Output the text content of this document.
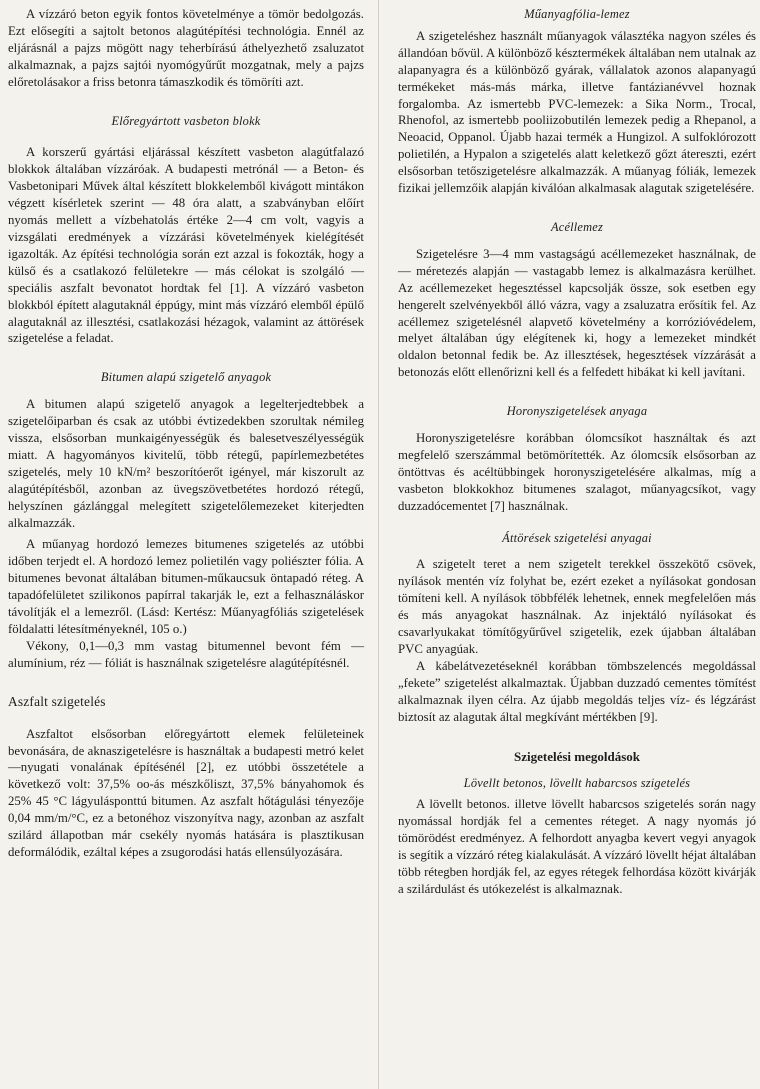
A vízzáró beton egyik fontos követelménye a tömör bedolgozás. Ezt elősegíti a sajtolt betonos alagútépítési technológia. Ennél az eljárásnál a pajzs mögött nagy teherbírású áthelyezhető zsaluzatot alkalmaznak, a pajzs sajtói nyomógyűrűt mozgatnak, mely a pajzs előretolásakor a friss betonra támaszkodik és tömöríti azt.

Előregyártott vasbeton blokk

A korszerű gyártási eljárással készített vasbeton alagútfalazó blokkok általában vízzáróak. A budapesti metrónál — a Beton- és Vasbetonipari Művek által készített blokkelemből kivágott mintákon végzett kísérletek szerint — 48 óra alatt, a szabványban előírt nyomás mellett a vízbehatolás értéke 2—4 cm volt, vagyis a vizsgálati eredmények a vízzárási követelmények kielégítését igazolták. Az építési technológia során ezt azzal is fokozták, hogy a külső és a csatlakozó felületekre — más célokat is szolgáló — speciális aszfalt bevonatot hordtak fel [1]. A vízzáró vasbeton blokkból épített alagutaknál éppúgy, mint más vízzáró elemből épülő alagutaknál az illesztési, csatlakozási hézagok, valamint az áttörések szigetelése a feladat.

Bitumen alapú szigetelő anyagok

A bitumen alapú szigetelő anyagok a legelterjedtebbek a szigetelőiparban és csak az utóbbi évtizedekben szorultak némileg vissza, elsősorban munkaigényességük és balesetveszélyességük miatt. A hagyományos kivitelű, több rétegű, papírlemezbetétes szigetelés, mely 10 kN/m² beszorítóerőt igényel, már kiszorult az alagútépítésből, azonban az üvegszövetbetétes hordozó rétegű, helyszínen gázlánggal melegített szigetelőlemezeket kiterjedten alkalmazzák.

A műanyag hordozó lemezes bitumenes szigetelés az utóbbi időben terjedt el. A hordozó lemez polietilén vagy poliészter fólia. A bitumenes bevonat általában bitumen-műkaucsuk öntapadó réteg. A tapadófelületet szilikonos papírral takarják le, ezt a felhasználáskor távolítják el a lemezről. (Lásd: Kertész: Műanyagfóliás szigetelések földalatti létesítményeknél, 105 o.)

Vékony, 0,1—0,3 mm vastag bitumennel bevont fém — alumínium, réz — fóliát is használnak szigetelésre alagútépítésnél.

Aszfalt szigetelés

Aszfaltot elsősorban előregyártott elemek felületeinek bevonására, de aknaszigetelésre is használtak a budapesti metró kelet—nyugati vonalának építésénél [2], ez utóbbi összetétele a következő volt: 37,5% oo-ás mészkőliszt, 37,5% bányahomok és 25% 45 °C lágyulásponttú bitumen. Az aszfalt hőtágulási tényezője 0,04 mm/m/°C, ez a betonéhoz viszonyítva nagy, azonban az aszfalt szilárd állapotban már csekély nyomás hatására is plasztikusan deformálódik, ezáltal képes a zsugorodási hatás ellensúlyozására.

Műanyagfólia-lemez

A szigeteléshez használt műanyagok választéka nagyon széles és állandóan bővül. A különböző késztermékek általában nem utalnak az alapanyagra és a különböző gyárak, vállalatok azonos alapanyagú termékeket más-más márka, illetve fantázianévvel hoznak forgalomba. Az ismertebb PVC-lemezek: a Sika Norm., Trocal, Rhenofol, az ismertebb pooliizobutilén lemezek pedig a Rhepanol, a Neoacid, Oppanol. Újabb hazai termék a Hungizol. A sulfoklórozott polietilén, a Hypalon a szigetelés alatt keletkező gőzt átereszti, ezért elsősorban tetőszigetelésre alkalmazzák. A műanyag fóliák, lemezek fizikai jellemzőik alapján kiválóan alkalmasak alagutak szigetelésére.

Acéllemez

Szigetelésre 3—4 mm vastagságú acéllemezeket használnak, de — méretezés alapján — vastagabb lemez is alkalmazásra kerülhet. Az acéllemezeket hegesztéssel kapcsolják össze, sok esetben egy hengerelt szelvényekből álló vázra, vagy a zsaluzatra erősítik fel. Az acéllemez szigetelésnél alapvető követelmény a korrózióvédelem, melyet általában úgy elégítenek ki, hogy a lemezeket mindkét oldalon betonnal fedik be. Az illesztések, hegesztések vízzárását a betonozás előtt ellenőrizni kell és a felfedett hibákat ki kell javítani.

Horonyszigetelések anyaga

Horonyszigetelésre korábban ólomcsíkot használtak és azt megfelelő szerszámmal betömörítették. Az ólomcsík elsősorban az öntöttvas és acéltübbingek horonyszigetelésére alkalmas, míg a vasbeton blokkokhoz bitumenes szalagot, műanyagcsíkot, vagy duzzadócementet [7] használnak.

Áttörések szigetelési anyagai

A szigetelt teret a nem szigetelt terekkel összekötő csövek, nyílások mentén víz folyhat be, ezért ezeket a nyílásokat gondosan tömíteni kell. A nyílások többfélék lehetnek, ennek megfelelően más és más anyagokat használnak. Az injektáló nyílásokat és csavarlyukakat tömítőgyűrűvel szigetelik, ezek újabban általában PVC anyagúak.

A kábelátvezetéseknél korábban tömbszelencés megoldással „fekete” szigetelést alkalmaztak. Újabban duzzadó cementes tömítést alkalmaznak ilyen célra. Az újabb megoldás teljes víz- és légzárást biztosít az alagutak által megkívánt mértékben [9].

Szigetelési megoldások
Lövellt betonos, lövellt habarcsos szigetelés

A lövellt betonos. illetve lövellt habarcsos szigetelés során nagy nyomással hordják fel a cementes réteget. A nagy nyomás jó tömörödést eredményez. A felhordott anyagba kevert vegyi anyagok is segítik a vízzáró réteg kialakulását. A vízzáró lövellt héjat általában több rétegben hordják fel, az egyes rétegek felhordása között kivárják a szilárdulást és utókezelést is alkalmaznak.
